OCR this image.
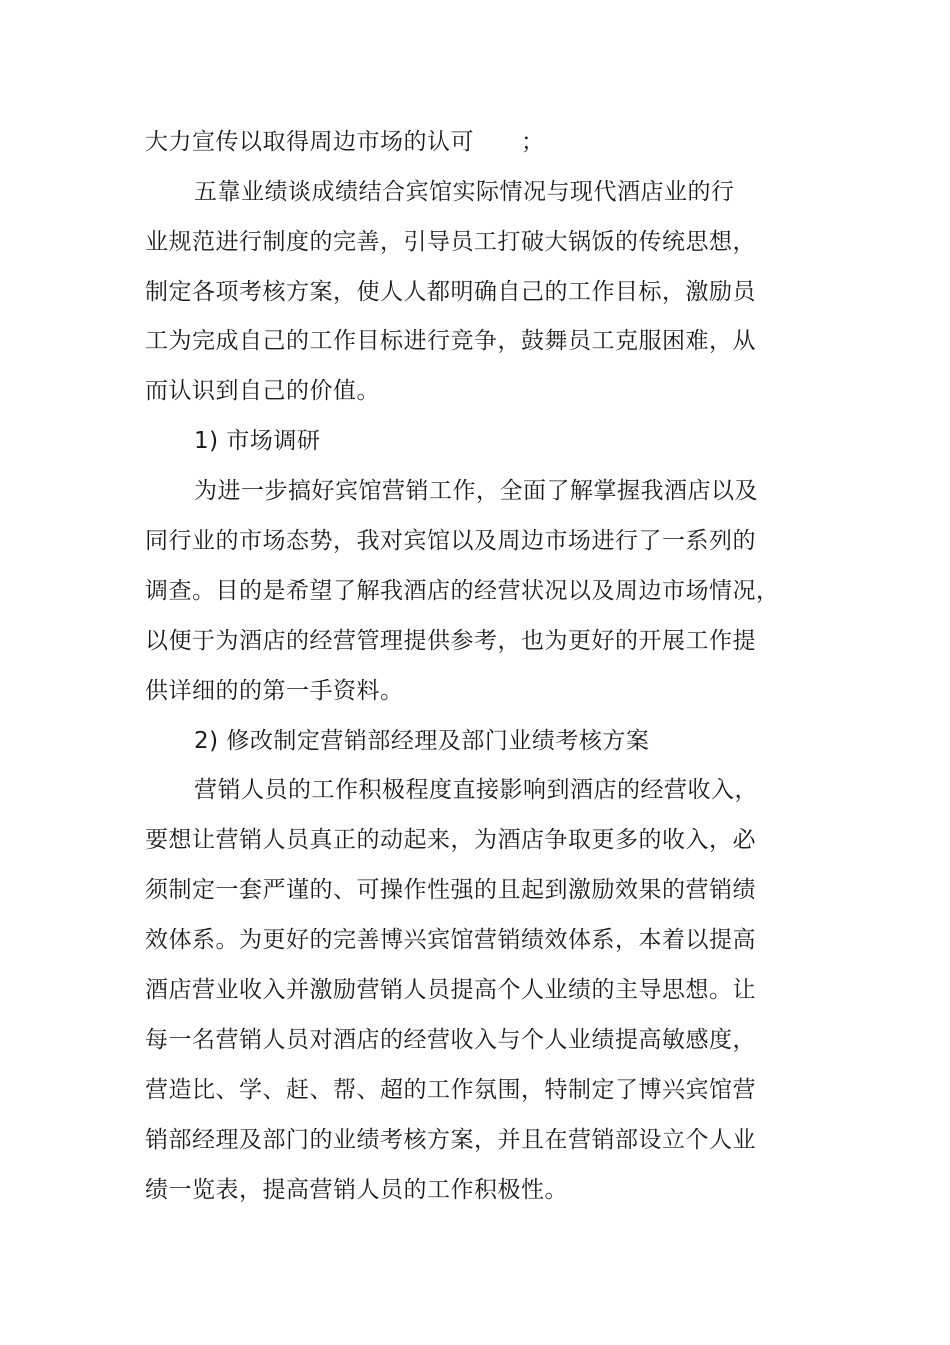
大力宣传以取得周边市场的认可　　；
五靠业绩谈成绩结合宾馆实际情况与现代酒店业的行
业规范进行制度的完善，引导员工打破大锅饭的传统思想，
制定各项考核方案，使人人都明确自己的工作目标，激励员
工为完成自己的工作目标进行竞争，鼓舞员工克服困难，从
而认识到自己的价值。
1) 市场调研
为进一步搞好宾馆营销工作，全面了解掌握我酒店以及
同行业的市场态势，我对宾馆以及周边市场进行了一系列的
调查。目的是希望了解我酒店的经营状况以及周边市场情况，
以便于为酒店的经营管理提供参考，也为更好的开展工作提
供详细的的第一手资料。
2) 修改制定营销部经理及部门业绩考核方案
营销人员的工作积极程度直接影响到酒店的经营收入，
要想让营销人员真正的动起来，为酒店争取更多的收入，必
须制定一套严谨的、可操作性强的且起到激励效果的营销绩
效体系。为更好的完善博兴宾馆营销绩效体系，本着以提高
酒店营业收入并激励营销人员提高个人业绩的主导思想。让
每一名营销人员对酒店的经营收入与个人业绩提高敏感度，
营造比、学、赶、帮、超的工作氛围，特制定了博兴宾馆营
销部经理及部门的业绩考核方案，并且在营销部设立个人业
绩一览表，提高营销人员的工作积极性。
